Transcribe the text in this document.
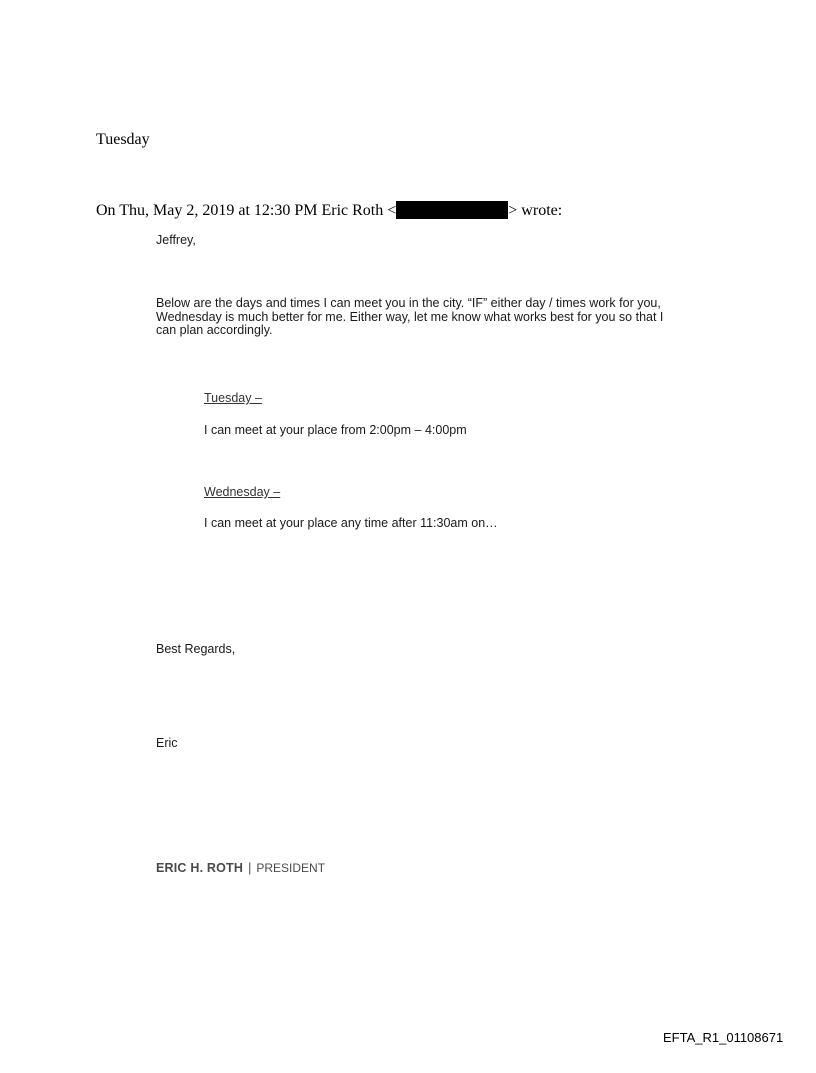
Tuesday
On Thu, May 2, 2019 at 12:30 PM Eric Roth <	> wrote:
Jeffrey,
Below are the days and times I can meet you in the city. “IF” either day / times work for you, Wednesday is much better for me. Either way, let me know what works best for you so that I can plan accordingly.
Tuesday –
I can meet at your place from 2:00pm – 4:00pm
Wednesday –
I can meet at your place any time after 11:30am on…
Best Regards,
Eric
ERIC H. ROTH | PRESIDENT
EFTA_R1_01108671
